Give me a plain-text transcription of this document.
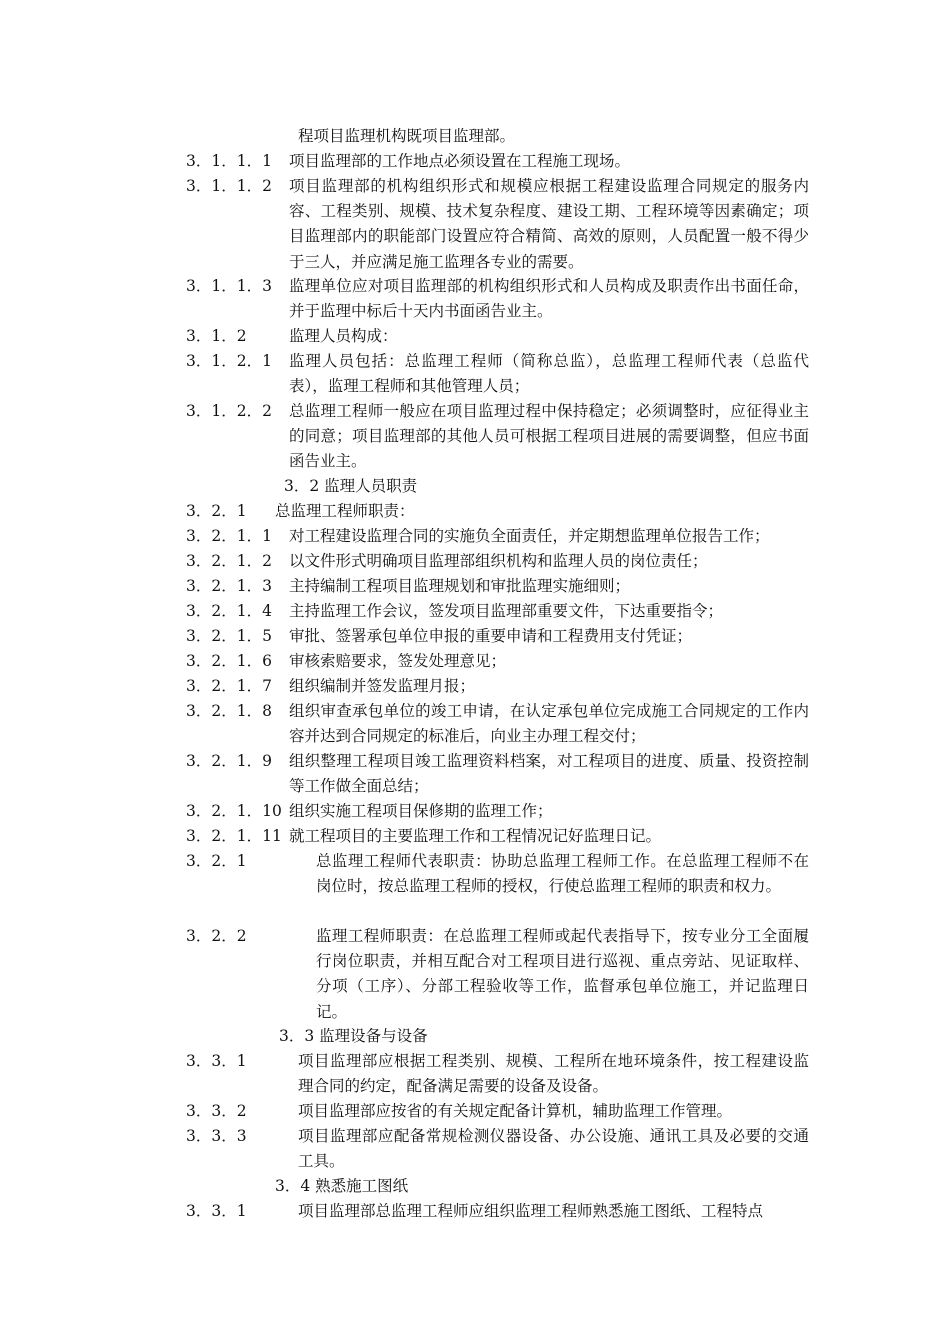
程项目监理机构既项目监理部。
3．1．1．1 项目监理部的工作地点必须设置在工程施工现场。
3．1．1．2 项目监理部的机构组织形式和规模应根据工程建设监理合同规定的服务内容、工程类别、规模、技术复杂程度、建设工期、工程环境等因素确定；项目监理部内的职能部门设置应符合精简、高效的原则，人员配置一般不得少于三人，并应满足施工监理各专业的需要。
3．1．1．3 监理单位应对项目监理部的机构组织形式和人员构成及职责作出书面任命，并于监理中标后十天内书面函告业主。
3．1．2	监理人员构成：
3．1．2．1 监理人员包括：总监理工程师（简称总监），总监理工程师代表（总监代表），监理工程师和其他管理人员；
3．1．2．2 总监理工程师一般应在项目监理过程中保持稳定；必须调整时，应征得业主的同意；项目监理部的其他人员可根据工程项目进展的需要调整，但应书面函告业主。
3．2 监理人员职责
3．2．1 总监理工程师职责：
3．2．1．1 对工程建设监理合同的实施负全面责任，并定期想监理单位报告工作；
3．2．1．2 以文件形式明确项目监理部组织机构和监理人员的岗位责任；
3．2．1．3 主持编制工程项目监理规划和审批监理实施细则；
3．2．1．4 主持监理工作会议，签发项目监理部重要文件，下达重要指令；
3．2．1．5 审批、签署承包单位申报的重要申请和工程费用支付凭证；
3．2．1．6 审核索赔要求，签发处理意见；
3．2．1．7 组织编制并签发监理月报；
3．2．1．8 组织审查承包单位的竣工申请，在认定承包单位完成施工合同规定的工作内容并达到合同规定的标准后，向业主办理工程交付；
3．2．1．9 组织整理工程项目竣工监理资料档案，对工程项目的进度、质量、投资控制等工作做全面总结；
3．2．1．10 组织实施工程项目保修期的监理工作；
3．2．1．11 就工程项目的主要监理工作和工程情况记好监理日记。
3．2．1	总监理工程师代表职责：协助总监理工程师工作。在总监理工程师不在岗位时，按总监理工程师的授权，行使总监理工程师的职责和权力。
3．2．2	监理工程师职责：在总监理工程师或起代表指导下，按专业分工全面履行岗位职责，并相互配合对工程项目进行巡视、重点旁站、见证取样、分项（工序）、分部工程验收等工作，监督承包单位施工，并记监理日记。
3．3 监理设备与设备
3．3．1	项目监理部应根据工程类别、规模、工程所在地环境条件，按工程建设监理合同的约定，配备满足需要的设备及设备。
3．3．2	项目监理部应按省的有关规定配备计算机，辅助监理工作管理。
3．3．3	项目监理部应配备常规检测仪器设备、办公设施、通讯工具及必要的交通工具。
3．4 熟悉施工图纸
3．3．1	项目监理部总监理工程师应组织监理工程师熟悉施工图纸、工程特点
